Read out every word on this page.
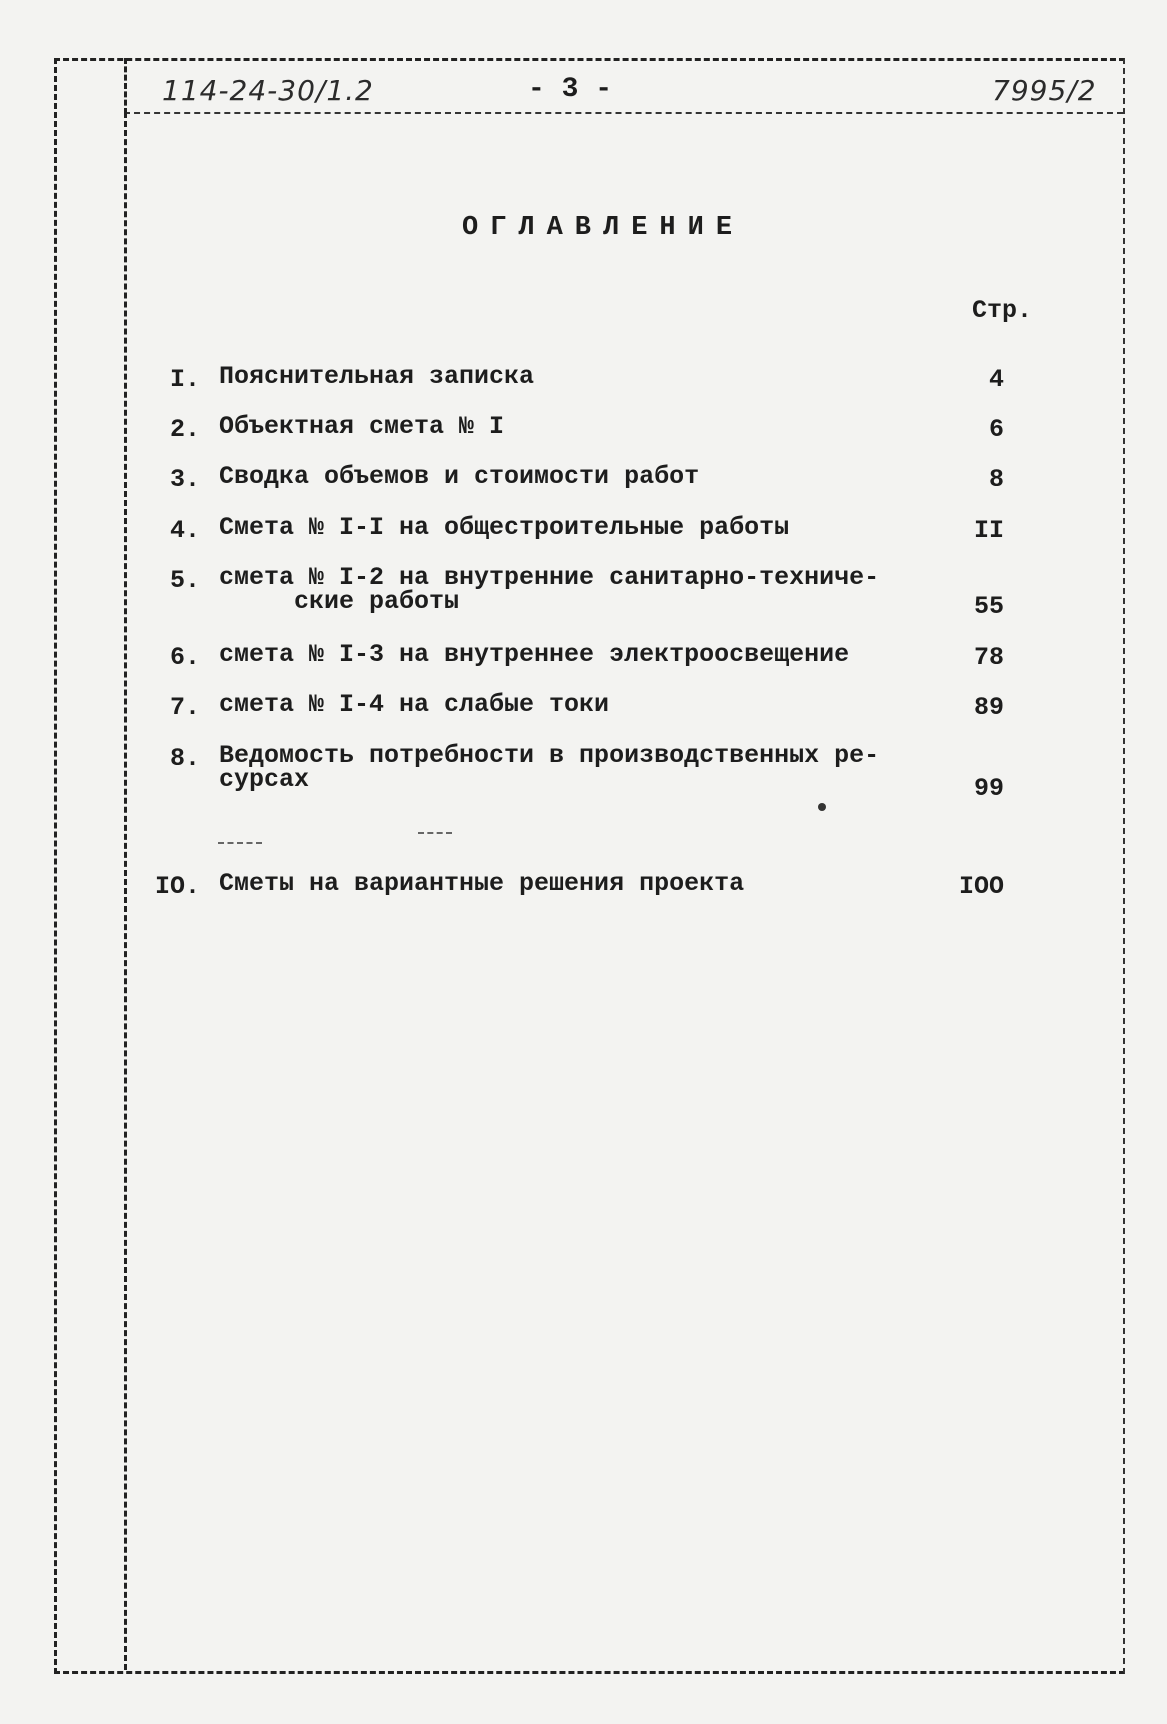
114-24-30/1.2	- 3 -	7995/2
ОГЛАВЛЕНИЕ
Стр.
I. Пояснительная записка	4
2. Объектная смета № I	6
3. Сводка объемов и стоимости работ	8
4. Смета № I-I на общестроительные работы	II
5. смета № I-2 на внутренние санитарно-техниче-
ские работы	55
6. смета № I-3 на внутреннее электроосвещение	78
7. смета № I-4 на слабые токи	89
8. Ведомость потребности в производственных ре-
сурсах	99
IO. Сметы на вариантные решения проекта	IOO
